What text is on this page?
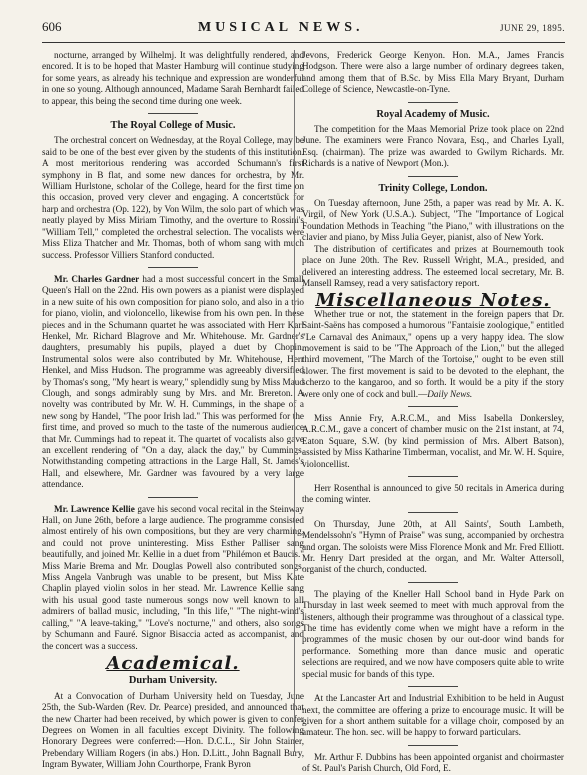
606	MUSICAL NEWS.	JUNE 29, 1895.

nocturne, arranged by Wilhelmj. It was delightfully rendered, and encored. It is to be hoped that Master Hamburg will continue studying for some years, as already his technique and expression are wonderful in one so young. Although announced, Madame Sarah Bernhardt failed to appear, this being the second time during one week.

The Royal College of Music.

The orchestral concert on Wednesday, at the Royal College, may be said to be one of the best ever given by the students of this institution. A most meritorious rendering was accorded Schumann's first symphony in B flat, and some new dances for orchestra, by Mr. William Hurlstone, scholar of the College, heard for the first time on this occasion, proved very clever and engaging. A concertstück for harp and orchestra (Op. 122), by Von Wilm, the solo part of which was neatly played by Miss Miriam Timothy, and the overture to Rossini's "William Tell," completed the orchestral selection. The vocalists were Miss Eliza Thatcher and Mr. Thomas, both of whom sang with much success. Professor Villiers Stanford conducted.

Mr. Charles Gardner had a most successful concert in the Small Queen's Hall on the 22nd. His own powers as a pianist were displayed in a new suite of his own composition for piano solo, and also in a trio for piano, violin, and violoncello, likewise from his own pen. In these pieces and in the Schumann quartet he was associated with Herr Karl Henkel, Mr. Richard Blagrove and Mr. Whitehouse. Mr. Gardner's daughters, presumably his pupils, played a duet by Chopin. Instrumental solos were also contributed by Mr. Whitehouse, Herr Henkel, and Miss Hudson. The programme was agreeably diversified by Thomas's song, "My heart is weary," splendidly sung by Miss Maud Clough, and songs admirably sung by Mrs. and Mr. Brereton. A novelty was contributed by Mr. W. H. Cummings, in the shape of a new song by Handel, "The poor Irish lad." This was performed for the first time, and proved so much to the taste of the numerous audience that Mr. Cummings had to repeat it. The quartet of vocalists also gave an excellent rendering of "On a day, alack the day," by Cummings. Notwithstanding competing attractions in the Large Hall, St. James's Hall, and elsewhere, Mr. Gardner was favoured by a very large attendance.

Mr. Lawrence Kellie gave his second vocal recital in the Steinway Hall, on June 26th, before a large audience. The programme consisted almost entirely of his own compositions, but they are very charming, and could not prove uninteresting. Miss Esther Palliser sang beautifully, and joined Mr. Kellie in a duet from "Philémon et Baucis." Miss Marie Brema and Mr. Douglas Powell also contributed songs. Miss Angela Vanbrugh was unable to be present, but Miss Kate Chaplin played violin solos in her stead. Mr. Lawrence Kellie sang with his usual good taste numerous songs now well known to all admirers of ballad music, including, "In this life," "The night-wind's calling," "A leave-taking," "Love's nocturne," and others, also songs by Schumann and Fauré. Signor Bisaccia acted as accompanist, and the concert was a success.

Academical.
Durham University.

At a Convocation of Durham University held on Tuesday, June 25th, the Sub-Warden (Rev. Dr. Pearce) presided, and announced that the new Charter had been received, by which power is given to confer Degrees on Women in all faculties except Divinity. The following Honorary Degrees were conferred:—Hon. D.C.L., Sir John Stainer, Prebendary William Rogers (in abs.) Hon. D.Litt., John Bagnall Bury, Ingram Bywater, William John Courthorpe, Frank Byron

Jevons, Frederick George Kenyon. Hon. M.A., James Francis Hodgson. There were also a large number of ordinary degrees taken, and among them that of B.Sc. by Miss Ella Mary Bryant, Durham College of Science, Newcastle-on-Tyne.

Royal Academy of Music.

The competition for the Maas Memorial Prize took place on 22nd June. The examiners were Franco Novara, Esq., and Charles Lyall, Esq. (chairman). The prize was awarded to Gwilym Richards. Mr. Richards is a native of Newport (Mon.).

Trinity College, London.

On Tuesday afternoon, June 25th, a paper was read by Mr. A. K. Virgil, of New York (U.S.A.). Subject, "The "Importance of Logical Foundation Methods in Teaching "the Piano," with illustrations on the clavier and piano, by Miss Julia Geyer, pianist, also of New York.

The distribution of certificates and prizes at Bournemouth took place on June 20th. The Rev. Russell Wright, M.A., presided, and delivered an interesting address. The esteemed local secretary, Mr. B. Mansell Ramsey, read a very satisfactory report.

Miscellaneous Notes.

Whether true or not, the statement in the foreign papers that Dr. Saint-Saëns has composed a humorous "Fantaisie zoologique," entitled "Le Carnaval des Animaux," opens up a very happy idea. The slow movement is said to be "The Approach of the Lion," but the alleged third movement, "The March of the Tortoise," ought to be even still slower. The first movement is said to be devoted to the elephant, the scherzo to the kangaroo, and so forth. It would be a pity if the story were only one of cock and bull.—Daily News.

Miss Annie Fry, A.R.C.M., and Miss Isabella Donkersley, A.R.C.M., gave a concert of chamber music on the 21st instant, at 74, Eaton Square, S.W. (by kind permission of Mrs. Albert Batson), assisted by Miss Katharine Timberman, vocalist, and Mr. W. H. Squire, violoncellist.

Herr Rosenthal is announced to give 50 recitals in America during the coming winter.

On Thursday, June 20th, at All Saints', South Lambeth, Mendelssohn's "Hymn of Praise" was sung, accompanied by orchestra and organ. The soloists were Miss Florence Monk and Mr. Fred Elliott. Mr. Henry Dart presided at the organ, and Mr. Walter Attersoll, organist of the church, conducted.

The playing of the Kneller Hall School band in Hyde Park on Thursday in last week seemed to meet with much approval from the listeners, although their programme was throughout of a classical type. The time has evidently come when we might have a reform in the programmes of the music chosen by our out-door wind bands for performance. Something more than dance music and operatic selections are required, and we now have composers quite able to write special music for bands of this type.

At the Lancaster Art and Industrial Exhibition to be held in August next, the committee are offering a prize to encourage music. It will be given for a short anthem suitable for a village choir, composed by an amateur. The hon. sec. will be happy to forward particulars.

Mr. Arthur F. Dubbins has been appointed organist and choirmaster of St. Paul's Parish Church, Old Ford, E.
